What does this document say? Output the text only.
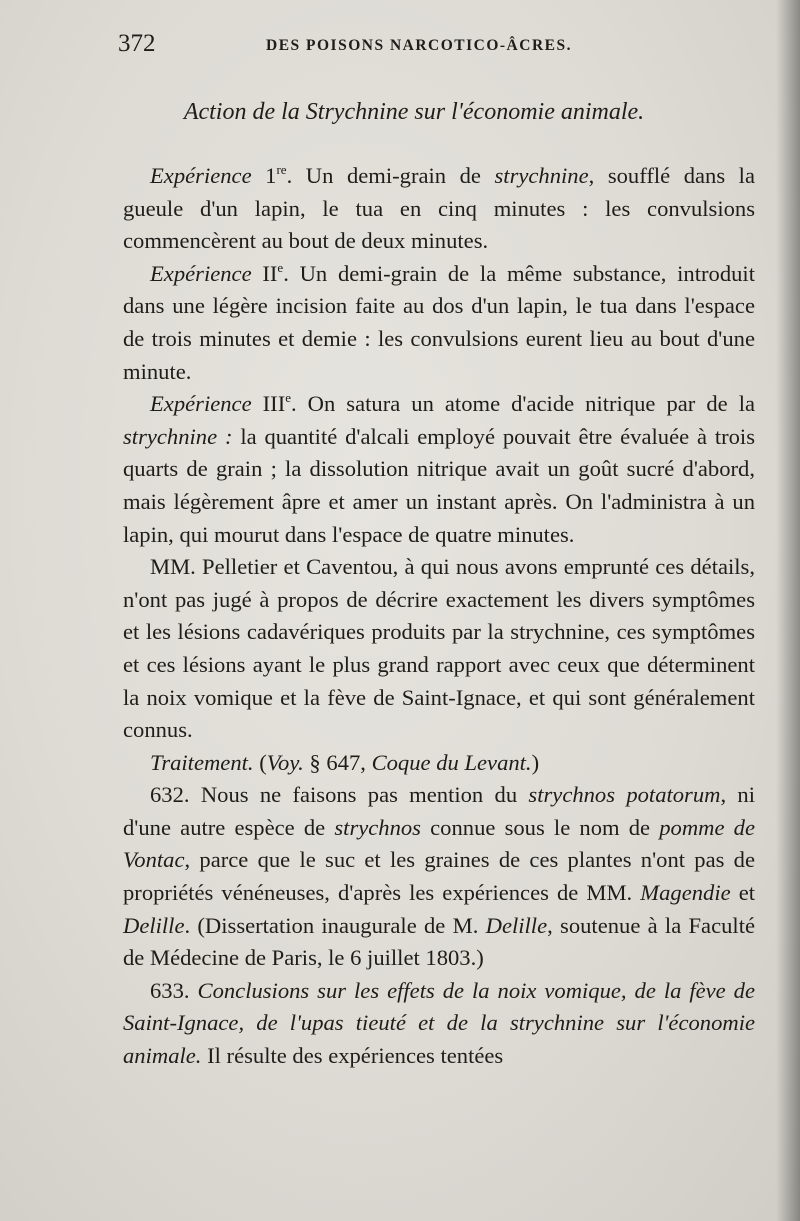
372	DES POISONS NARCOTICO-ÂCRES.
Action de la Strychnine sur l'économie animale.

Expérience 1re. Un demi-grain de strychnine, soufflé dans la gueule d'un lapin, le tua en cinq minutes : les convulsions commencèrent au bout de deux minutes.

Expérience IIe. Un demi-grain de la même substance, introduit dans une légère incision faite au dos d'un lapin, le tua dans l'espace de trois minutes et demie : les convulsions eurent lieu au bout d'une minute.

Expérience IIIe. On satura un atome d'acide nitrique par de la strychnine : la quantité d'alcali employé pouvait être évaluée à trois quarts de grain ; la dissolution nitrique avait un goût sucré d'abord, mais légèrement âpre et amer un instant après. On l'administra à un lapin, qui mourut dans l'espace de quatre minutes.

MM. Pelletier et Caventou, à qui nous avons emprunté ces détails, n'ont pas jugé à propos de décrire exactement les divers symptômes et les lésions cadavériques produits par la strychnine, ces symptômes et ces lésions ayant le plus grand rapport avec ceux que déterminent la noix vomique et la fève de Saint-Ignace, et qui sont généralement connus.

Traitement. (Voy. § 647, Coque du Levant.)

632. Nous ne faisons pas mention du strychnos potatorum, ni d'une autre espèce de strychnos connue sous le nom de pomme de Vontac, parce que le suc et les graines de ces plantes n'ont pas de propriétés vénéneuses, d'après les expériences de MM. Magendie et Delille. (Dissertation inaugurale de M. Delille, soutenue à la Faculté de Médecine de Paris, le 6 juillet 1803.)

633. Conclusions sur les effets de la noix vomique, de la fève de Saint-Ignace, de l'upas tieuté et de la strychnine sur l'économie animale. Il résulte des expériences tentées
